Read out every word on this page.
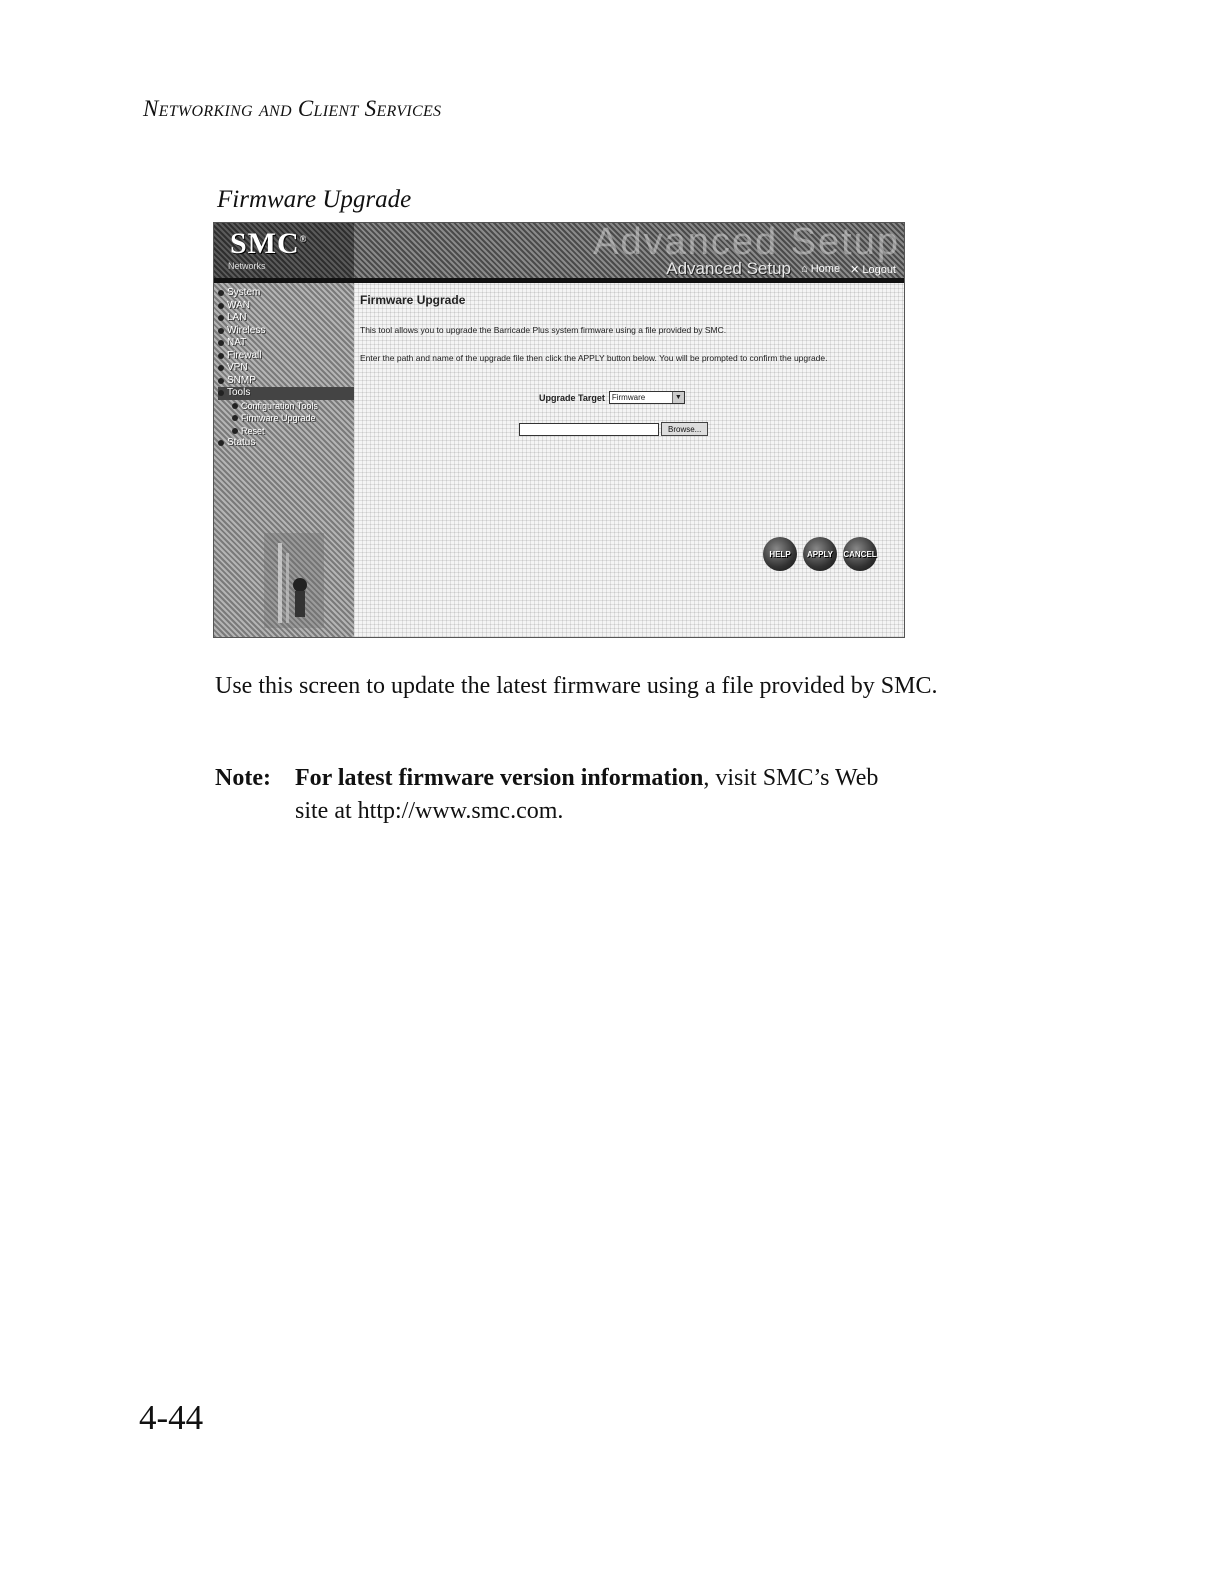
Networking and Client Services
Firmware Upgrade
SMC®
Networks
Advanced Setup
Advanced Setup ⌂ Home ✕ Logout
System
WAN
LAN
Wireless
NAT
Firewall
VPN
SNMP
Tools
Configuration Tools
Firmware Upgrade
Reset
Status
Firmware Upgrade
This tool allows you to upgrade the Barricade Plus system firmware using a file provided by SMC.
Enter the path and name of the upgrade file then click the APPLY button below. You will be prompted to confirm the upgrade.
Upgrade Target Firmware	▼
Browse...
HELP	APPLY	CANCEL
Use this screen to update the latest firmware using a file provided by SMC.
Note: For latest firmware version information, visit SMC’s Web
site at http://www.smc.com.
4-44
